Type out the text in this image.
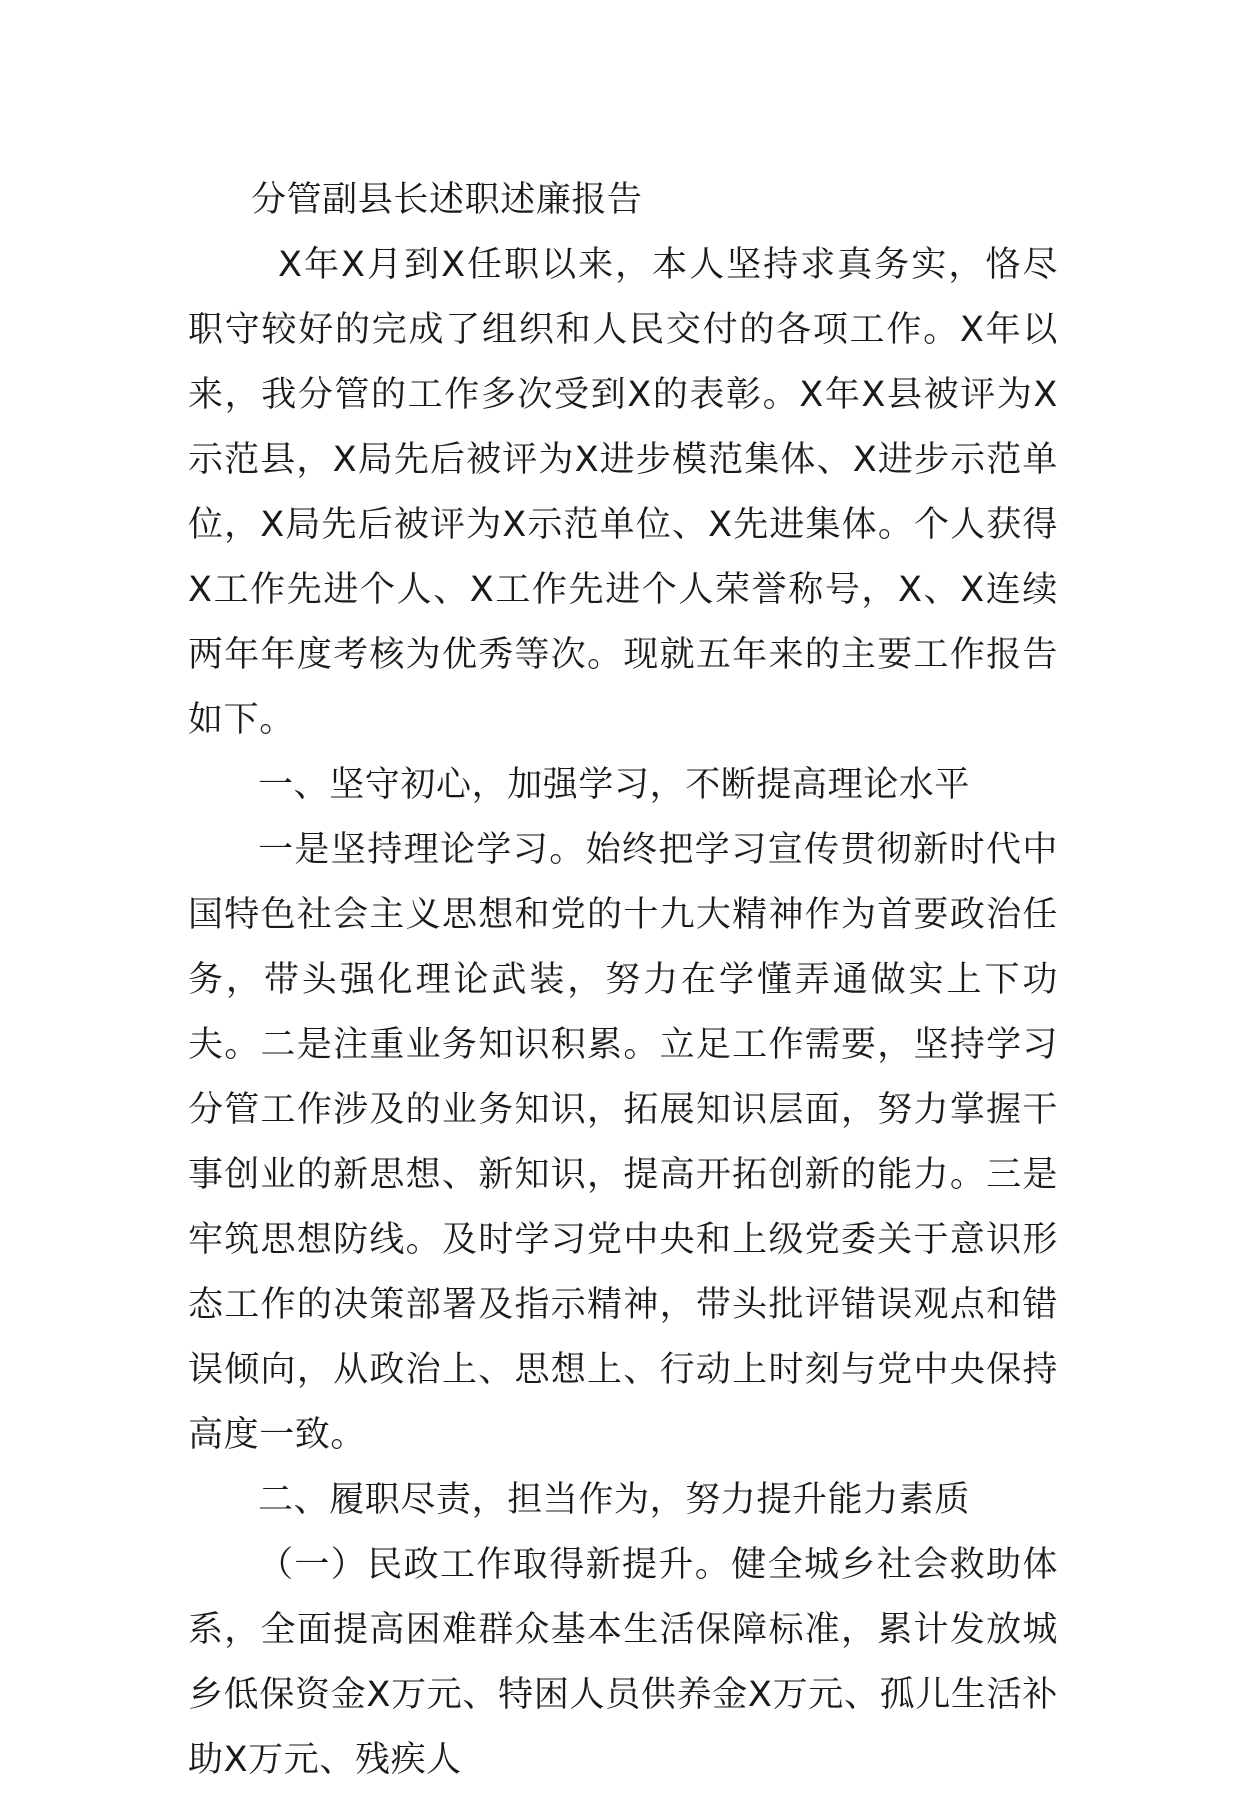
分管副县长述职述廉报告

X年X月到X任职以来，本人坚持求真务实，恪尽职守较好的完成了组织和人民交付的各项工作。X年以来，我分管的工作多次受到X的表彰。X年X县被评为X示范县，X局先后被评为X进步模范集体、X进步示范单位，X局先后被评为X示范单位、X先进集体。个人获得X工作先进个人、X工作先进个人荣誉称号，X、X连续两年年度考核为优秀等次。现就五年来的主要工作报告如下。

一、坚守初心，加强学习，不断提高理论水平

一是坚持理论学习。始终把学习宣传贯彻新时代中国特色社会主义思想和党的十九大精神作为首要政治任务，带头强化理论武装，努力在学懂弄通做实上下功夫。二是注重业务知识积累。立足工作需要，坚持学习分管工作涉及的业务知识，拓展知识层面，努力掌握干事创业的新思想、新知识，提高开拓创新的能力。三是牢筑思想防线。及时学习党中央和上级党委关于意识形态工作的决策部署及指示精神，带头批评错误观点和错误倾向，从政治上、思想上、行动上时刻与党中央保持高度一致。

二、履职尽责，担当作为，努力提升能力素质

（一）民政工作取得新提升。健全城乡社会救助体系，全面提高困难群众基本生活保障标准，累计发放城乡低保资金X万元、特困人员供养金X万元、孤儿生活补助X万元、残疾人
